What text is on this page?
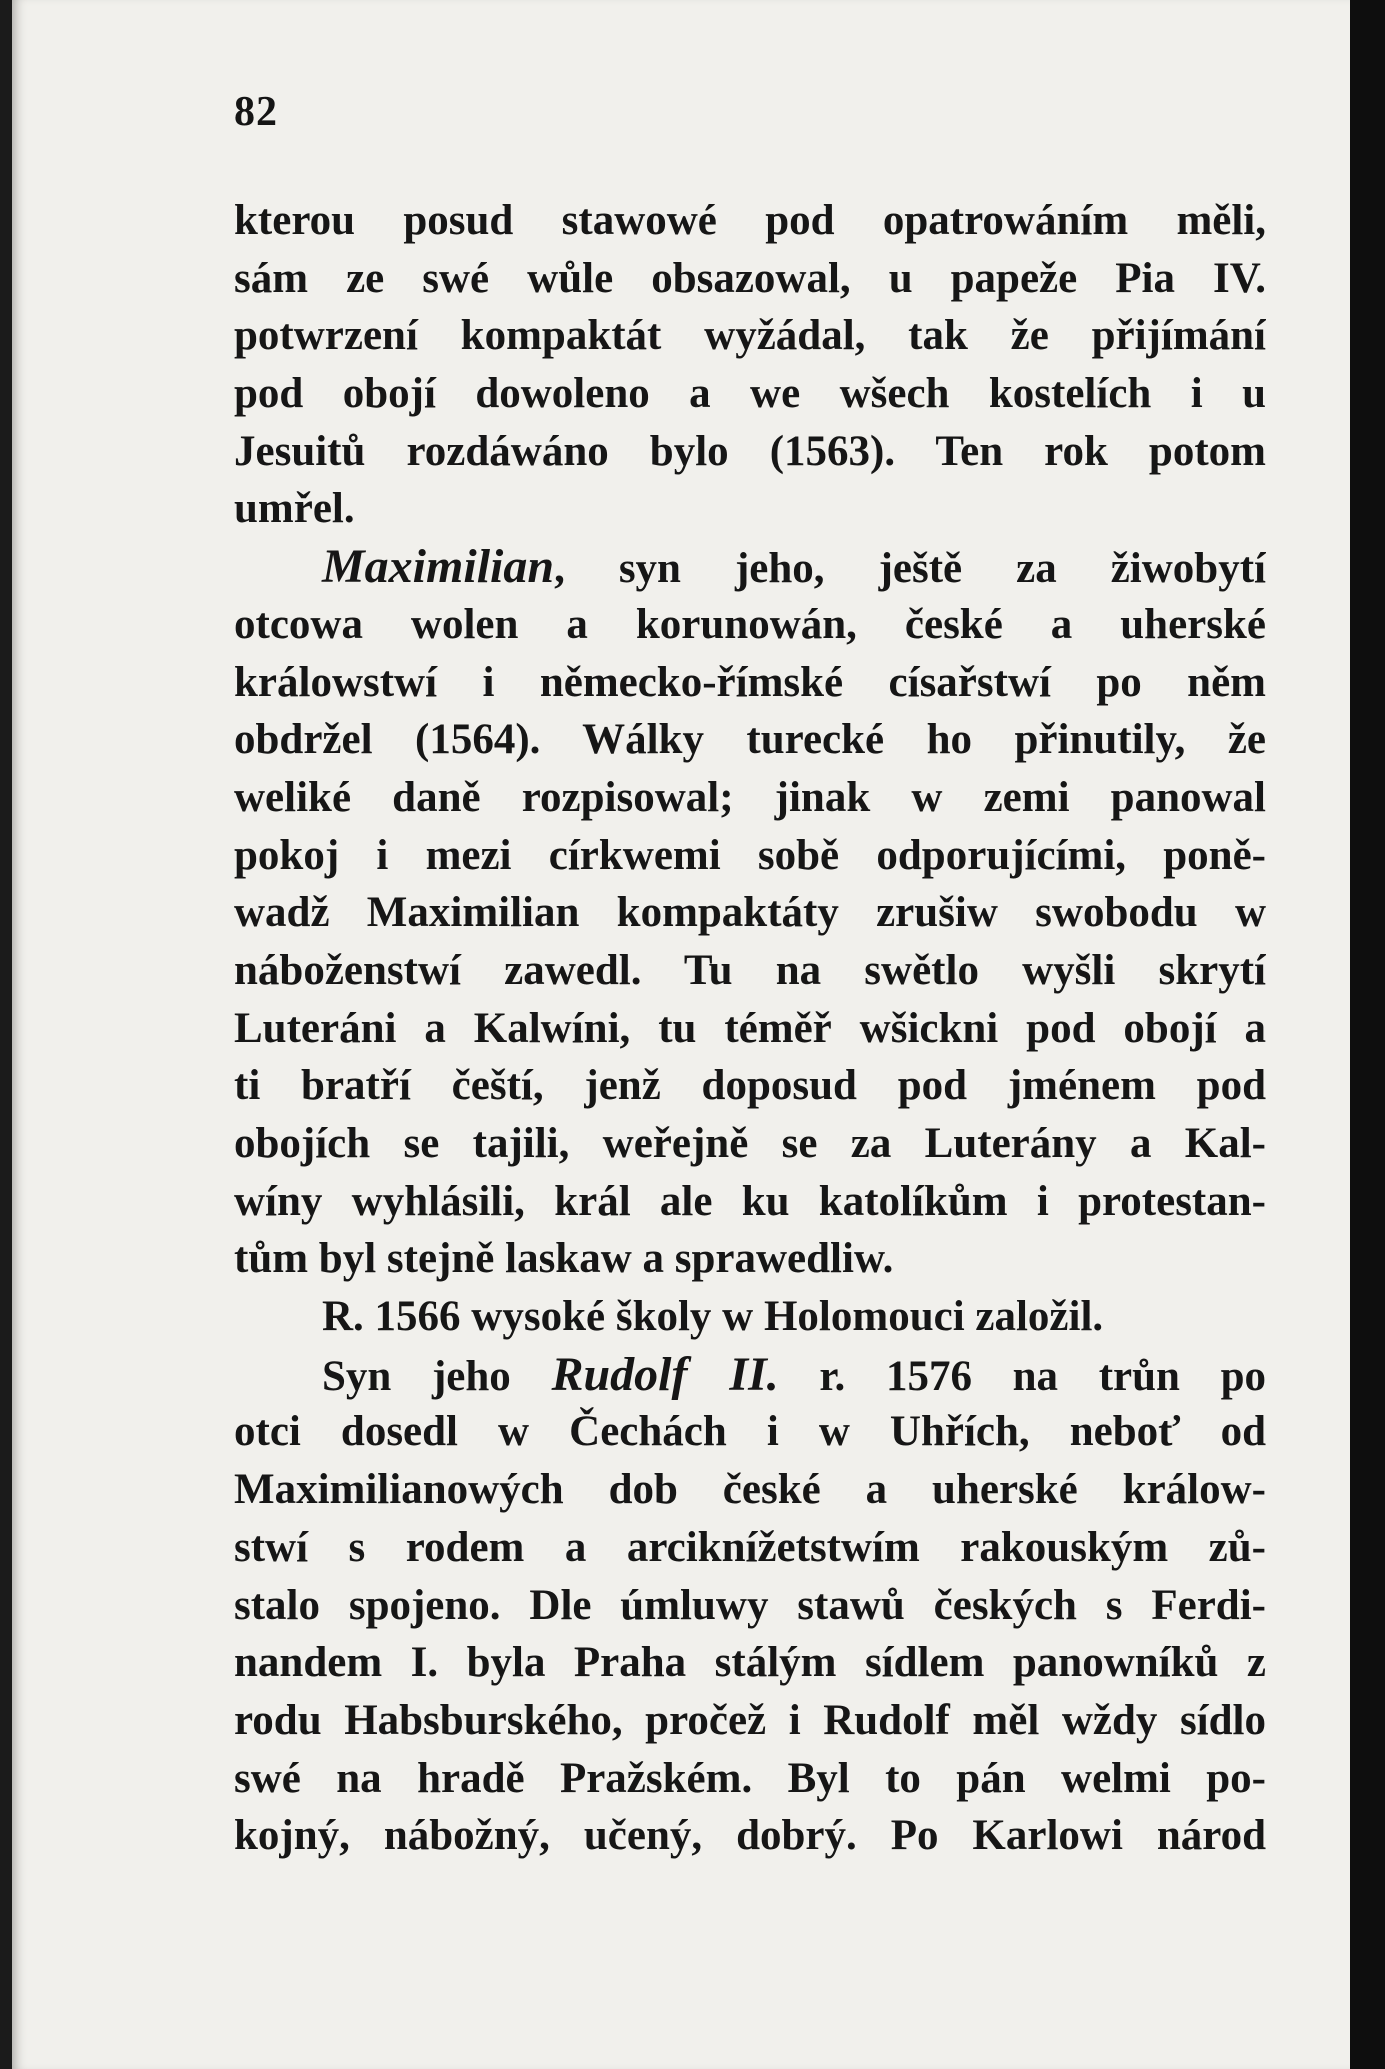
82
kterou posud stawowé pod opatrowáním měli,
sám ze swé wůle obsazowal, u papeže Pia IV.
potwrzení kompaktát wyžádal, tak že přijímání
pod obojí dowoleno a we wšech kostelích i u
Jesuitů rozdáwáno bylo (1563). Ten rok potom
umřel.
Maximilian, syn jeho, ještě za žiwobytí
otcowa wolen a korunowán, české a uherské
králowstwí i německo-římské císařstwí po něm
obdržel (1564). Wálky turecké ho přinutily, že
weliké daně rozpisowal; jinak w zemi panowal
pokoj i mezi církwemi sobě odporujícími, poně-
wadž Maximilian kompaktáty zrušiw swobodu w
náboženstwí zawedl. Tu na swětlo wyšli skrytí
Luteráni a Kalwíni, tu téměř wšickni pod obojí a
ti bratří čeští, jenž doposud pod jménem pod
obojích se tajili, weřejně se za Luterány a Kal-
wíny wyhlásili, král ale ku katolíkům i protestan-
tům byl stejně laskaw a sprawedliw.
R. 1566 wysoké školy w Holomouci založil.
Syn jeho Rudolf II. r. 1576 na trůn po
otci dosedl w Čechách i w Uhřích, neboť od
Maximilianowých dob české a uherské králow-
stwí s rodem a arciknížetstwím rakouským zů-
stalo spojeno. Dle úmluwy stawů českých s Ferdi-
nandem I. byla Praha stálým sídlem panowníků z
rodu Habsburského, pročež i Rudolf měl wždy sídlo
swé na hradě Pražském. Byl to pán welmi po-
kojný, nábožný, učený, dobrý. Po Karlowi národ
